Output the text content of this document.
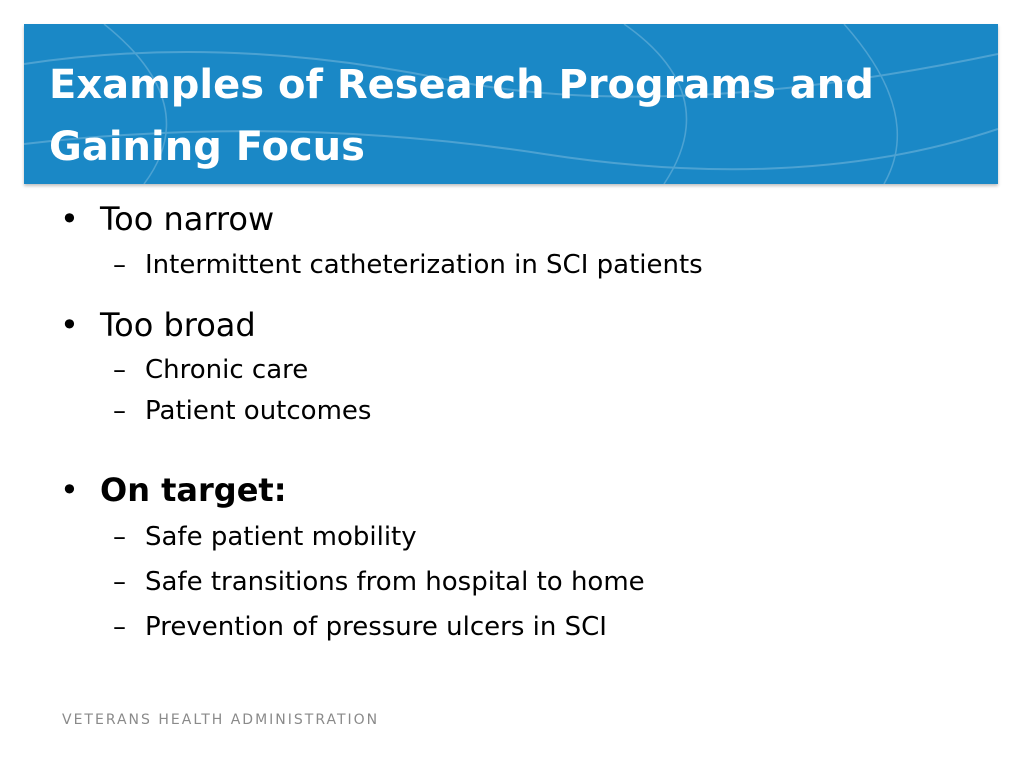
Examples of Research Programs and
Gaining Focus
• Too narrow
– Intermittent catheterization in SCI patients
• Too broad
– Chronic care
– Patient outcomes
• On target:
– Safe patient mobility
– Safe transitions from hospital to home
– Prevention of pressure ulcers in SCI
VETERANS HEALTH ADMINISTRATION
